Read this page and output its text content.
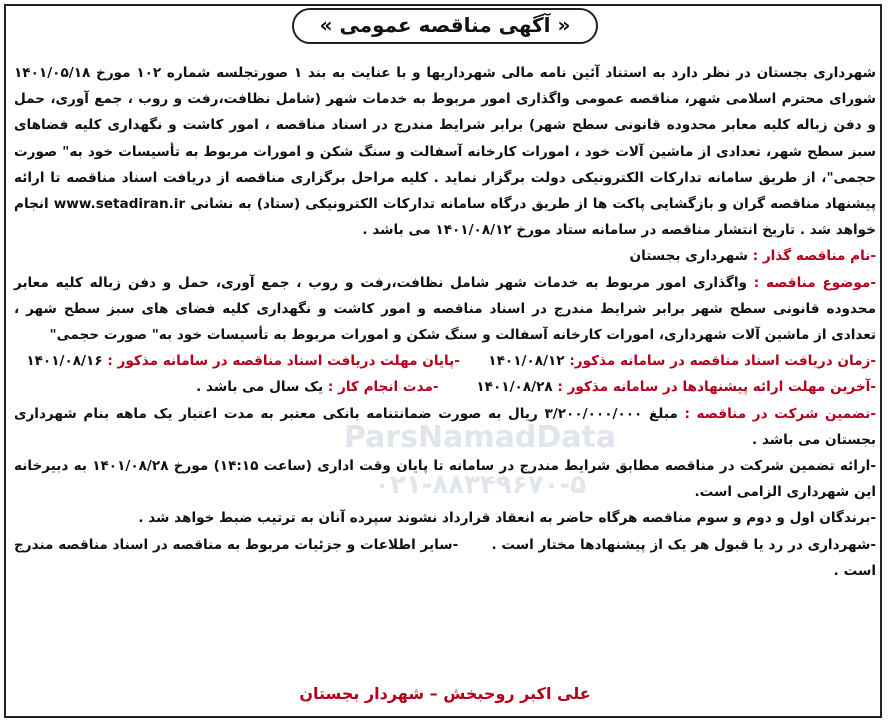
ParsNamadData
۰۲۱-۸۸۳۴۹۶۷۰-۵
« آگهی مناقصه عمومی »

شهرداری بجستان در نظر دارد به استناد آئین نامه مالی شهرداریها و با عنایت به بند ۱ صورتجلسه شماره ۱۰۲ مورخ ۱۴۰۱/۰۵/۱۸ شورای محترم اسلامی شهر، مناقصه عمومی واگذاری امور مربوط به خدمات شهر (شامل نظافت،رفت و روب ، جمع آوری، حمل و دفن زباله کلیه معابر محدوده قانونی سطح شهر) برابر شرایط مندرج در اسناد مناقصه ، امور کاشت و نگهداری کلیه فضاهای سبز سطح شهر، تعدادی از ماشین آلات خود ، امورات کارخانه آسفالت و سنگ شکن و امورات مربوط به تأسیسات خود به" صورت حجمی"، از طریق سامانه تدارکات الکترونیکی دولت برگزار نماید . کلیه مراحل برگزاری مناقصه از دریافت اسناد مناقصه تا ارائه پیشنهاد مناقصه گران و بازگشایی پاکت ها از طریق درگاه سامانه تدارکات الکترونیکی (ستاد) به نشانی www.setadiran.ir انجام خواهد شد . تاریخ انتشار مناقصه در سامانه ستاد مورخ ۱۴۰۱/۰۸/۱۲ می باشد .

-نام مناقصه گذار : شهرداری بجستان

-موضوع مناقصه : واگذاری امور مربوط به خدمات شهر شامل نظافت،رفت و روب ، جمع آوری، حمل و دفن زباله کلیه معابر محدوده قانونی سطح شهر برابر شرایط مندرج در اسناد مناقصه و امور کاشت و نگهداری کلیه فضای های سبز سطح شهر ، تعدادی از ماشین آلات شهرداری، امورات کارخانه آسفالت و سنگ شکن و امورات مربوط به تأسیسات خود به" صورت حجمی"

-زمان دریافت اسناد مناقصه در سامانه مذکور: ۱۴۰۱/۰۸/۱۲      -پایان مهلت دریافت اسناد مناقصه در سامانه مذکور : ۱۴۰۱/۰۸/۱۶

-آخرین مهلت ارائه پیشنهادها در سامانه مذکور : ۱۴۰۱/۰۸/۲۸        -مدت انجام کار : یک سال می باشد .

-تضمین شرکت در مناقصه : مبلغ ۳/۲۰۰/۰۰۰/۰۰۰ ریال به صورت ضمانتنامه بانکی معتبر به مدت اعتبار یک ماهه بنام شهرداری بجستان می باشد .

-ارائه تضمین شرکت در مناقصه مطابق شرایط مندرج در سامانه تا پایان وقت اداری (ساعت ۱۴:۱۵) مورخ ۱۴۰۱/۰۸/۲۸ به دبیرخانه این شهرداری الزامی است.

-برندگان اول و دوم و سوم مناقصه هرگاه حاضر به انعقاد قرارداد نشوند سپرده آنان به ترتیب ضبط خواهد شد .

-شهرداری در رد یا قبول هر یک از پیشنهادها مختار است .       -سایر اطلاعات و جزئیات مربوط به مناقصه در اسناد مناقصه مندرج است .

علی اکبر روحبخش – شهردار بجستان
